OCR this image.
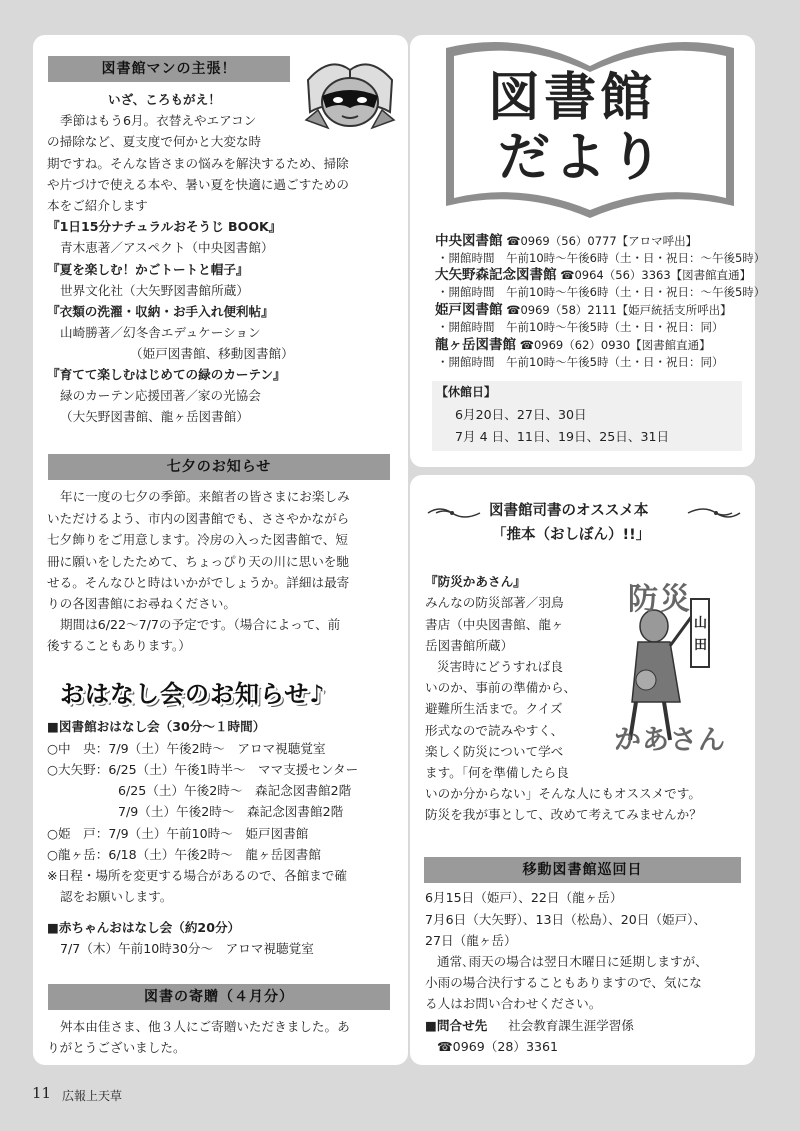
図書館マンの主張！
いざ、ころもがえ！
季節はもう6月。衣替えやエアコン
の掃除など、夏支度で何かと大変な時
期ですね。そんな皆さまの悩みを解決するため、掃除
や片づけで使える本や、暑い夏を快適に過ごすための
本をご紹介します
『1日15分ナチュラルおそうじ BOOK』
青木恵著／アスペクト（中央図書館）
『夏を楽しむ！かごトートと帽子』
世界文化社（大矢野図書館所蔵）
『衣類の洗濯・収納・お手入れ便利帖』
山崎勝著／幻冬舎エデュケーション
（姫戸図書館、移動図書館）
『育てて楽しむはじめての緑のカーテン』
緑のカーテン応援団著／家の光協会
（大矢野図書館、龍ヶ岳図書館）
七夕のお知らせ
年に一度の七夕の季節。来館者の皆さまにお楽しみ
いただけるよう、市内の図書館でも、ささやかながら
七夕飾りをご用意します。冷房の入った図書館で、短
冊に願いをしたためて、ちょっぴり天の川に思いを馳
せる。そんなひと時はいかがでしょうか。詳細は最寄
りの各図書館にお尋ねください。
期間は6/22～7/7の予定です。（場合によって、前
後することもあります。）
おはなし会のお知らせ♪
■図書館おはなし会（30分～１時間）
○中　央：7/9（土）午後2時～　アロマ視聴覚室
○大矢野：6/25（土）午後1時半～　ママ支援センター
6/25（土）午後2時～　森記念図書館2階
7/9（土）午後2時～　森記念図書館2階
○姫　戸：7/9（土）午前10時～　姫戸図書館
○龍ヶ岳：6/18（土）午後2時～　龍ヶ岳図書館
※日程・場所を変更する場合があるので、各館まで確
認をお願いします。
■赤ちゃんおはなし会（約20分）
7/7（木）午前10時30分～　アロマ視聴覚室
図書の寄贈（４月分）
舛本由佳さま、他３人にご寄贈いただきました。あ
りがとうございました。
図書館
だより
中央図書館 ☎0969（56）0777【アロマ呼出】
・開館時間　午前10時～午後6時（土・日・祝日：～午後5時）
大矢野森記念図書館 ☎0964（56）3363【図書館直通】
・開館時間　午前10時～午後6時（土・日・祝日：～午後5時）
姫戸図書館 ☎0969（58）2111【姫戸統括支所呼出】
・開館時間　午前10時～午後5時（土・日・祝日：同）
龍ヶ岳図書館 ☎0969（62）0930【図書館直通】
・開館時間　午前10時～午後5時（土・日・祝日：同）
【休館日】
6月20日、27日、30日
7月 4 日、11日、19日、25日、31日
図書館司書のオススメ本
「推本（おしぼん）!!」
『防災かあさん』
みんなの防災部著／羽鳥
書店（中央図書館、龍ヶ
岳図書館所蔵）
災害時にどうすれば良
いのか、事前の準備から、
避難所生活まで。クイズ
形式なので読みやすく、
楽しく防災について学べ
ます。「何を準備したら良
いのか分からない」そんな人にもオススメです。
防災を我が事として、改めて考えてみませんか？
防災
山
田
かあさん
移動図書館巡回日
6月15日（姫戸）、22日（龍ヶ岳）
7月6日（大矢野）、13日（松島）、20日（姫戸）、
27日（龍ヶ岳）
通常､雨天の場合は翌日木曜日に延期しますが、
小雨の場合決行することもありますので、気にな
る人はお問い合わせください。
■問合せ先 社会教育課生涯学習係
☎0969（28）3361
11 広報上天草
